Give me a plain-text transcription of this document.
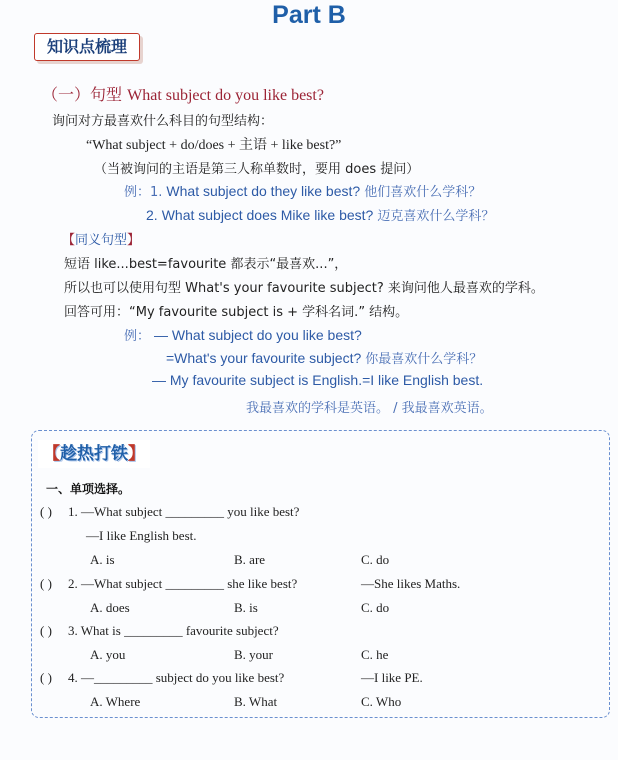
Part B
知识点梳理
（一）句型 What subject do you like best?
询问对方最喜欢什么科目的句型结构：
“What subject + do/does + 主语 + like best?”
（当被询问的主语是第三人称单数时，要用 does 提问）
例：1. What subject do they like best? 他们喜欢什么学科？
2. What subject does Mike like best? 迈克喜欢什么学科？
【同义句型】
短语 like...best=favourite 都表示“最喜欢...”，
所以也可以使用句型 What's your favourite subject? 来询问他人最喜欢的学科。
回答可用：“My favourite subject is + 学科名词.” 结构。
例： — What subject do you like best?
=What's your favourite subject? 你最喜欢什么学科？
— My favourite subject is English.=I like English best.
我最喜欢的学科是英语。 / 我最喜欢英语。
【趁热打铁】
一、单项选择。
( ) 1. —What subject _________ you like best?
—I like English best.
A. is	B. are	C. do
( ) 2. —What subject _________ she like best?	—She likes Maths.
A. does	B. is	C. do
( ) 3. What is _________ favourite subject?
A. you	B. your	C. he
( ) 4. —_________ subject do you like best?	—I like PE.
A. Where	B. What	C. Who
